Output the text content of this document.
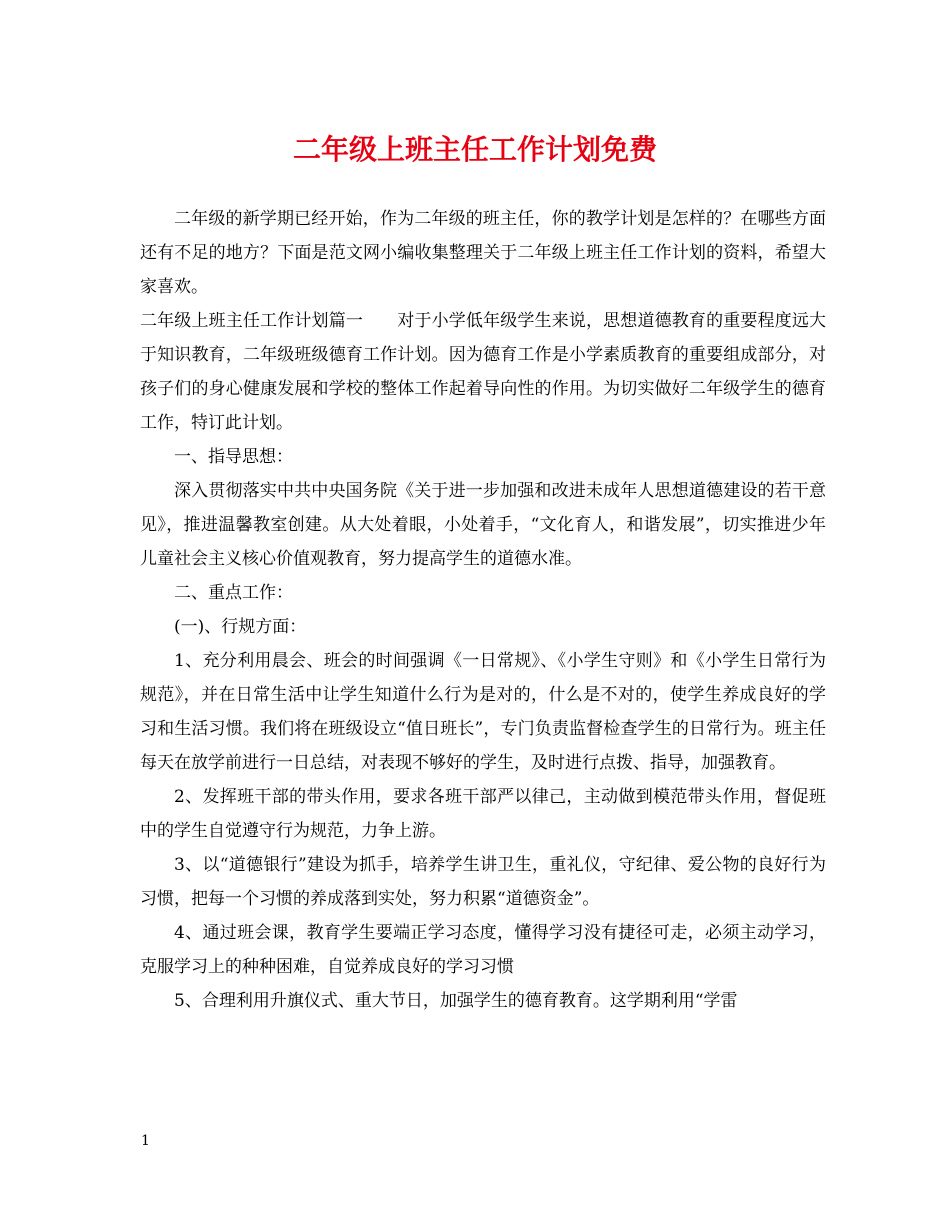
二年级上班主任工作计划免费

二年级的新学期已经开始，作为二年级的班主任，你的教学计划是怎样的？在哪些方面还有不足的地方？下面是范文网小编收集整理关于二年级上班主任工作计划的资料，希望大家喜欢。

二年级上班主任工作计划篇一　　对于小学低年级学生来说，思想道德教育的重要程度远大于知识教育，二年级班级德育工作计划。因为德育工作是小学素质教育的重要组成部分，对孩子们的身心健康发展和学校的整体工作起着导向性的作用。为切实做好二年级学生的德育工作，特订此计划。

一、指导思想：

深入贯彻落实中共中央国务院《关于进一步加强和改进未成年人思想道德建设的若干意见》，推进温馨教室创建。从大处着眼，小处着手，“文化育人，和谐发展”，切实推进少年儿童社会主义核心价值观教育，努力提高学生的道德水准。

二、重点工作：

(一)、行规方面：

1、充分利用晨会、班会的时间强调《一日常规》、《小学生守则》和《小学生日常行为规范》，并在日常生活中让学生知道什么行为是对的，什么是不对的，使学生养成良好的学习和生活习惯。我们将在班级设立“值日班长”，专门负责监督检查学生的日常行为。班主任每天在放学前进行一日总结，对表现不够好的学生，及时进行点拨、指导，加强教育。

2、发挥班干部的带头作用，要求各班干部严以律己，主动做到模范带头作用，督促班中的学生自觉遵守行为规范，力争上游。

3、以“道德银行”建设为抓手，培养学生讲卫生，重礼仪，守纪律、爱公物的良好行为习惯，把每一个习惯的养成落到实处，努力积累“道德资金”。

4、通过班会课，教育学生要端正学习态度，懂得学习没有捷径可走，必须主动学习，克服学习上的种种困难，自觉养成良好的学习习惯

5、合理利用升旗仪式、重大节日，加强学生的德育教育。这学期利用“学雷

1
